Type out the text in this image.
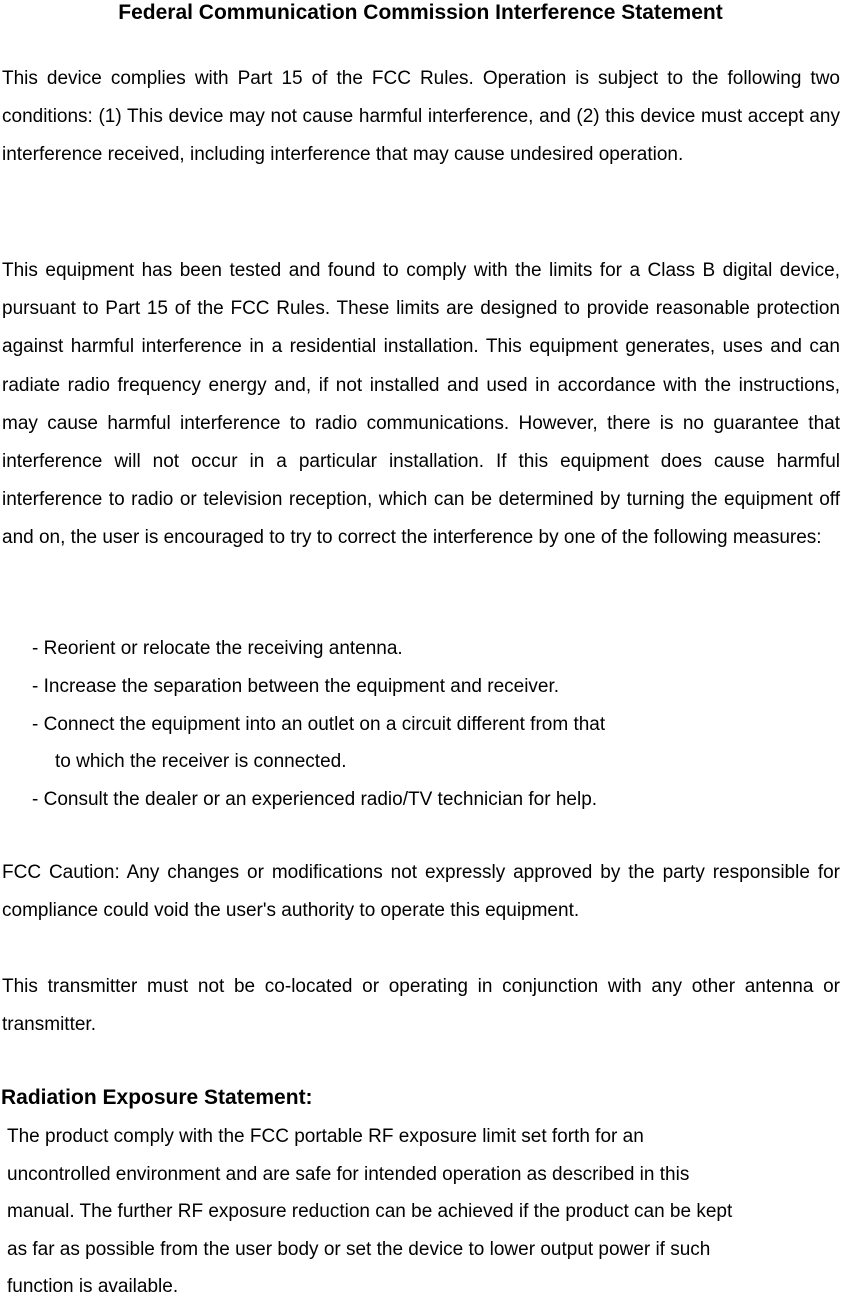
Federal Communication Commission Interference Statement

This device complies with Part 15 of the FCC Rules. Operation is subject to the following two conditions: (1) This device may not cause harmful interference, and (2) this device must accept any interference received, including interference that may cause undesired operation.

This equipment has been tested and found to comply with the limits for a Class B digital device, pursuant to Part 15 of the FCC Rules. These limits are designed to provide reasonable protection against harmful interference in a residential installation. This equipment generates, uses and can radiate radio frequency energy and, if not installed and used in accordance with the instructions, may cause harmful interference to radio communications. However, there is no guarantee that interference will not occur in a particular installation. If this equipment does cause harmful interference to radio or television reception, which can be determined by turning the equipment off and on, the user is encouraged to try to correct the interference by one of the following measures:

- Reorient or relocate the receiving antenna.
- Increase the separation between the equipment and receiver.
- Connect the equipment into an outlet on a circuit different from that
to which the receiver is connected.
- Consult the dealer or an experienced radio/TV technician for help.

FCC Caution: Any changes or modifications not expressly approved by the party responsible for compliance could void the user's authority to operate this equipment.

This transmitter must not be co-located or operating in conjunction with any other antenna or transmitter.

Radiation Exposure Statement:
The product comply with the FCC portable RF exposure limit set forth for an
uncontrolled environment and are safe for intended operation as described in this
manual. The further RF exposure reduction can be achieved if the product can be kept
as far as possible from the user body or set the device to lower output power if such
function is available.
